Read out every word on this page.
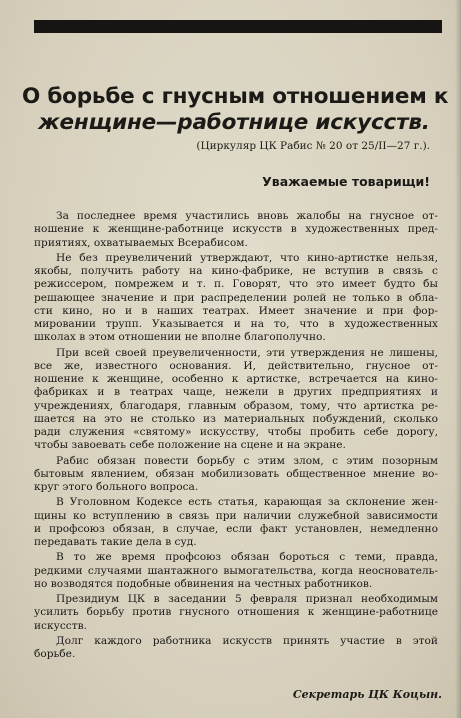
О борьбе с гнусным отношением к
женщине—работнице искусств.
(Циркуляр ЦК Рабис № 20 от 25/II—27 г.).
Уважаемые товарищи!
За последнее время участились вновь жалобы на гнусное от-
ношение к женщине-работнице искусств в художественных пред-
приятиях, охватываемых Всерабисом.
Не без преувеличений утверждают, что кино-артистке нельзя,
якобы, получить работу на кино-фабрике, не вступив в связь с
режиссером, помрежем и т. п. Говорят, что это имеет будто бы
решающее значение и при распределении ролей не только в обла-
сти кино, но и в наших театрах. Имеет значение и при фор-
мировании трупп. Указывается и на то, что в художественных
школах в этом отношении не вполне благополучно.
При всей своей преувеличенности, эти утверждения не лишены,
все же, известного основания. И, действительно, гнусное от-
ношение к женщине, особенно к артистке, встречается на кино-
фабриках и в театрах чаще, нежели в других предприятиях и
учреждениях, благодаря, главным образом, тому, что артистка ре-
шается на это не столько из материальных побуждений, сколько
ради служения «святому» искусству, чтобы пробить себе дорогу,
чтобы завоевать себе положение на сцене и на экране.
Рабис обязан повести борьбу с этим злом, с этим позорным
бытовым явлением, обязан мобилизовать общественное мнение во-
круг этого больного вопроса.
В Уголовном Кодексе есть статья, карающая за склонение жен-
щины ко вступлению в связь при наличии служебной зависимости
и профсоюз обязан, в случае, если факт установлен, немедленно
передавать такие дела в суд.
В то же время профсоюз обязан бороться с теми, правда,
редкими случаями шантажного вымогательства, когда неоснователь-
но возводятся подобные обвинения на честных работников.
Президиум ЦК в заседании 5 февраля признал необходимым
усилить борьбу против гнусного отношения к женщине-работнице
искусств.
Долг каждого работника искусств принять участие в этой
борьбе.
Секретарь ЦК Коцын.
